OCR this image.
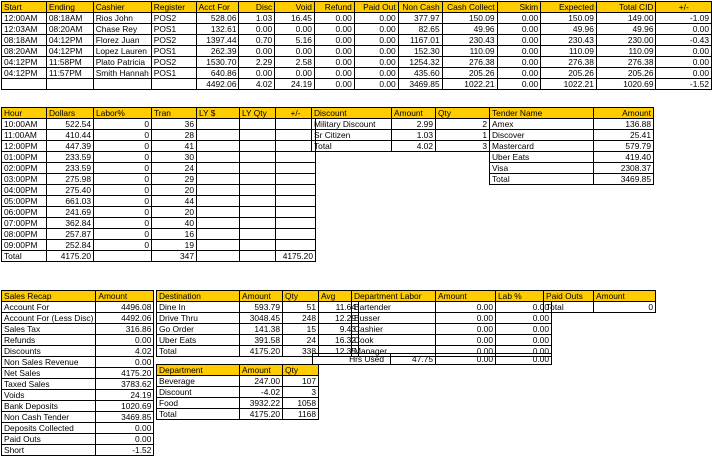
Start	Ending	Cashier	Register	Acct For	Disc	Void	Refund	Paid Out	Non Cash	Cash Collect	Skim	Expected	Total CID	+/-
12:00AM	08:18AM	Rios John	POS2	528.06	1.03	16.45	0.00	0.00	377.97	150.09	0.00	150.09	149.00	-1.09
12:03AM	08:20AM	Chase Rey	POS1	132.61	0.00	0.00	0.00	0.00	82.65	49.96	0.00	49.96	49.96	0.00
08:18AM	04:12PM	Florez Juan	POS2	1397.44	0.70	5.16	0.00	0.00	1167.01	230.43	0.00	230.43	230.00	-0.43
08:20AM	04:12PM	Lopez Lauren	POS1	262.39	0.00	0.00	0.00	0.00	152.30	110.09	0.00	110.09	110.09	0.00
04:12PM	11:58PM	Plato Patricia	POS2	1530.70	2.29	2.58	0.00	0.00	1254.32	276.38	0.00	276.38	276.38	0.00
04:12PM	11:57PM	Smith Hannah	POS1	640.86	0.00	0.00	0.00	0.00	435.60	205.26	0.00	205.26	205.26	0.00
				4492.06	4.02	24.19	0.00	0.00	3469.85	1022.21	0.00	1022.21	1020.69	-1.52
Hour	Dollars	Labor%	Tran	LY $	LY Qty	+/-
10:00AM	522.54	0	36			
11:00AM	410.44	0	28			
12:00PM	447.39	0	41			
01:00PM	233.59	0	30			
02:00PM	233.59	0	24			
03:00PM	275.98	0	29			
04:00PM	275.40	0	20			
05:00PM	661.03	0	44			
06:00PM	241.69	0	20			
07:00PM	362.84	0	40			
08:00PM	257.87	0	16			
09:00PM	252.84	0	19			
Total	4175.20		347			4175.20
Discount	Amount	Qty
Military Discount	2.99	2
Sr Citizen	1.03	1
Total	4.02	3
Tender Name	Amount
Amex	136.88
Discover	25.41
Mastercard	579.79
Uber Eats	419.40
Visa	2308.37
Total	3469.85
Sales Recap	Amount
Account For	4496.08
Account For (Less Disc)	4492.06
Sales Tax	316.86
Refunds	0.00
Discounts	4.02
Non Sales Revenue	0.00
Net Sales	4175.20
Taxed Sales	3783.62
Voids	24.19
Bank Deposits	1020.69
Non Cash Tender	3469.85
Deposits Collected	0.00
Paid Outs	0.00
Short	-1.52
Destination	Amount	Qty	Avg
Dine In	593.79	51	11.64
Drive Thru	3048.45	248	12.29
Go Order	141.38	15	9.43
Uber Eats	391.58	24	16.32
Total	4175.20	338	12.35
Department	Amount	Qty
Beverage	247.00	107
Discount	-4.02	3
Food	3932.22	1058
Total	4175.20	1168
Department Labor	Amount	Lab %
Bartender	0.00	0.00
Busser	0.00	0.00
Cashier	0.00	0.00
Cook	0.00	0.00
Manager	0.00	0.00
Hrs Used	47.75	0.00	0.00
Paid Outs	Amount
Total	0
